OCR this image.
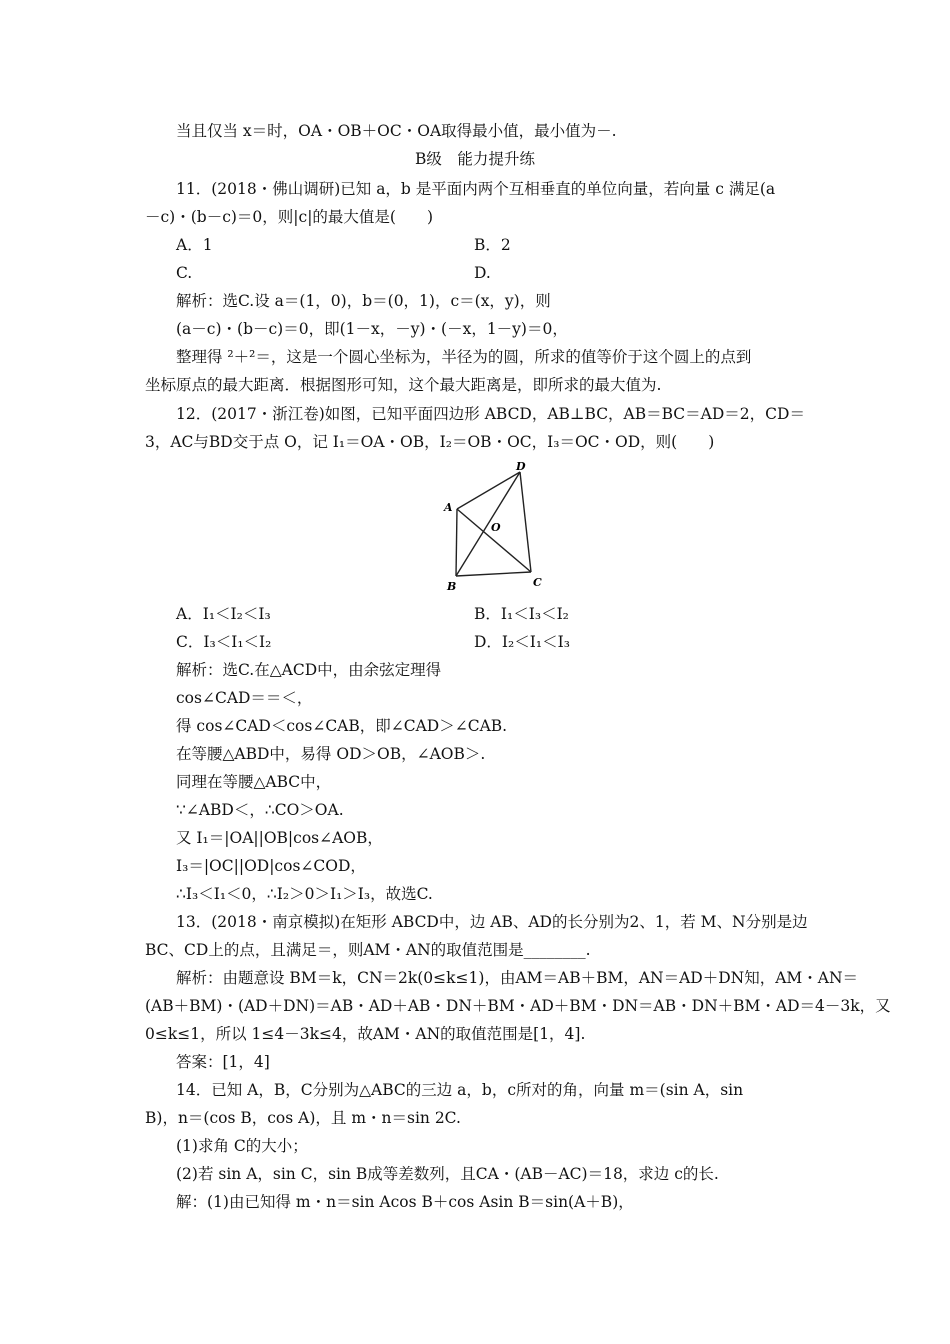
当且仅当 x＝时，OA・OB＋OC・OA取得最小值，最小值为－.
B级　能力提升练
11．(2018・佛山调研)已知 a，b 是平面内两个互相垂直的单位向量，若向量 c 满足(a
－c)・(b－c)＝0，则|c|的最大值是(　　)
A．1	B．2
C.	D.
解析：选C.设 a＝(1，0)，b＝(0，1)，c＝(x，y)，则
(a－c)・(b－c)＝0，即(1－x，－y)・(－x，1－y)＝0，
整理得 ²＋²＝，这是一个圆心坐标为，半径为的圆，所求的值等价于这个圆上的点到
坐标原点的最大距离．根据图形可知，这个最大距离是，即所求的最大值为.
12．(2017・浙江卷)如图，已知平面四边形 ABCD，AB⊥BC，AB＝BC＝AD＝2，CD＝
3，AC与BD交于点 O，记 I₁＝OA・OB，I₂＝OB・OC，I₃＝OC・OD，则(　　)
D
A
O
B	C
A．I₁＜I₂＜I₃	B．I₁＜I₃＜I₂
C．I₃＜I₁＜I₂	D．I₂＜I₁＜I₃
解析：选C.在△ACD中，由余弦定理得
cos∠CAD＝＝＜，
得 cos∠CAD＜cos∠CAB，即∠CAD＞∠CAB.
在等腰△ABD中，易得 OD＞OB，∠AOB＞.
同理在等腰△ABC中，
∵∠ABD＜，∴CO＞OA.
又 I₁＝|OA||OB|cos∠AOB，
I₃＝|OC||OD|cos∠COD，
∴I₃＜I₁＜0，∴I₂＞0＞I₁＞I₃，故选C.
13．(2018・南京模拟)在矩形 ABCD中，边 AB、AD的长分别为2、1，若 M、N分别是边
BC、CD上的点，且满足＝，则AM・AN的取值范围是________.
解析：由题意设 BM＝k，CN＝2k(0≤k≤1)，由AM＝AB＋BM，AN＝AD＋DN知，AM・AN＝
(AB＋BM)・(AD＋DN)＝AB・AD＋AB・DN＋BM・AD＋BM・DN＝AB・DN＋BM・AD＝4－3k，又
0≤k≤1，所以 1≤4－3k≤4，故AM・AN的取值范围是[1，4].
答案：[1，4]
14．已知 A，B，C分别为△ABC的三边 a，b，c所对的角，向量 m＝(sin A，sin
B)，n＝(cos B，cos A)，且 m・n＝sin 2C.
(1)求角 C的大小；
(2)若 sin A，sin C，sin B成等差数列，且CA・(AB－AC)＝18，求边 c的长.
解：(1)由已知得 m・n＝sin Acos B＋cos Asin B＝sin(A＋B)，
